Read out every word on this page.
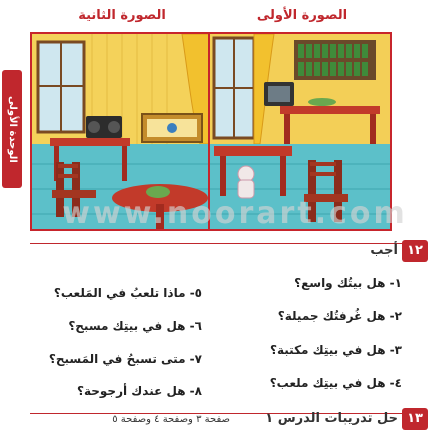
الوحدة الأولى
الصورة الثانية	الصورة الأولى
www.noorart.com
١٢
أجب
١- هل بيتُك واسع؟
٢- هل غُرفتُك جميلة؟
٣- هل في بيتِك مكتبة؟
٤- هل في بيتِك ملعب؟
٥- ماذا تلعبُ في المَلعب؟
٦- هل في بيتِك مسبح؟
٧- متى تسبحُ في المَسبح؟
٨- هل عندك أرجوحة؟
١٣
حل تدريبات الدرس ١
صفحة ٣ وصفحة ٤ وصفحة ٥
